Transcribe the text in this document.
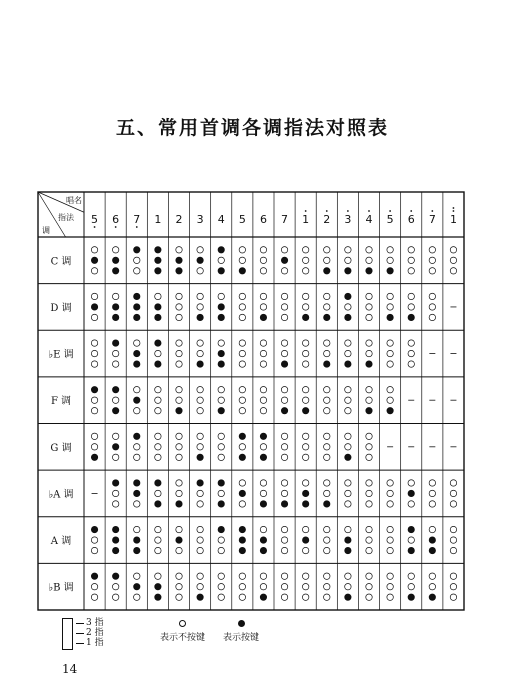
五、常用首调各调指法对照表
唱名
指法
调
5 6 7 1 2 3 4 5 6 7 1 2 3 4 5 6 7 1
C 调
D 调
♭E 调
F 调
G 调
♭A 调
A 调
♭B 调
3 指
2 指
1 指	表示不按键 表示按键
14
